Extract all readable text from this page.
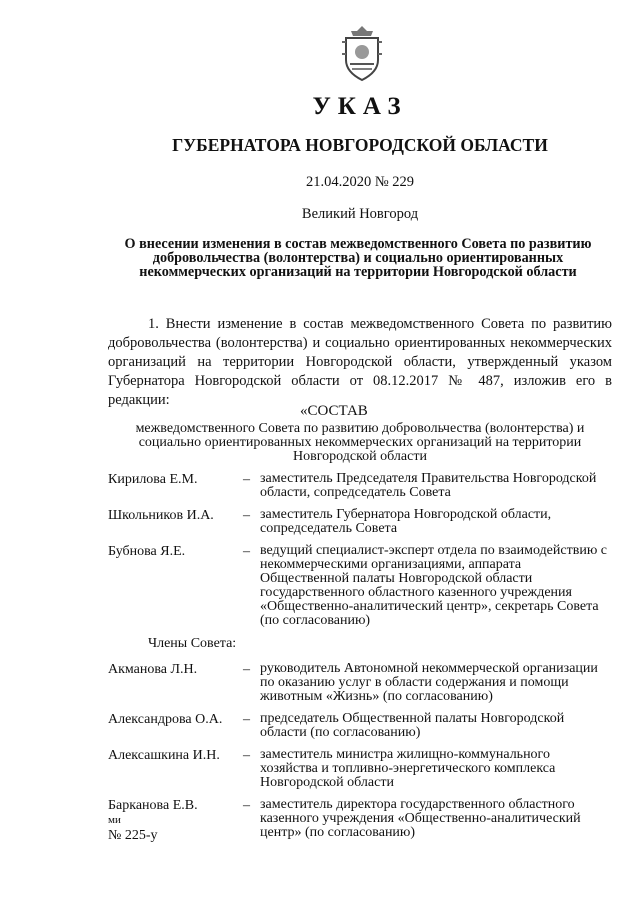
УКАЗ
ГУБЕРНАТОРА НОВГОРОДСКОЙ ОБЛАСТИ
21.04.2020 № 229
Великий Новгород
О внесении изменения в состав межведомственного Совета по развитию добровольчества (волонтерства) и социально ориентированных некоммерческих организаций на территории Новгородской области

1. Внести изменение в состав межведомственного Совета по развитию добровольчества (волонтерства) и социально ориентированных некоммерческих организаций на территории Новгородской области, утвержденный указом Губернатора Новгородской области от 08.12.2017 № 487, изложив его в редакции:

«СОСТАВ
межведомственного Совета по развитию добровольчества (волонтерства) и социально ориентированных некоммерческих организаций на территории Новгородской области
Кирилова Е.М.	– заместитель Председателя Правительства Новгородской области, сопредседатель Совета
Школьников И.А.	– заместитель Губернатора Новгородской области, сопредседатель Совета
Бубнова Я.Е.	– ведущий специалист-эксперт отдела по взаимодействию с некоммерческими организациями, аппарата Общественной палаты Новгородской области государственного областного казенного учреждения «Общественно-аналитический центр», секретарь Совета (по согласованию)
Члены Совета:
Акманова Л.Н.	– руководитель Автономной некоммерческой организации по оказанию услуг в области содержания и помощи животным «Жизнь» (по согласованию)
Александрова О.А.	– председатель Общественной палаты Новгородской области (по согласованию)
Алексашкина И.Н.	– заместитель министра жилищно-коммунального хозяйства и топливно-энергетического комплекса Новгородской области
Барканова Е.В.	– заместитель директора государственного областного казенного учреждения «Общественно-аналитический центр» (по согласованию)
ми
№ 225-у
